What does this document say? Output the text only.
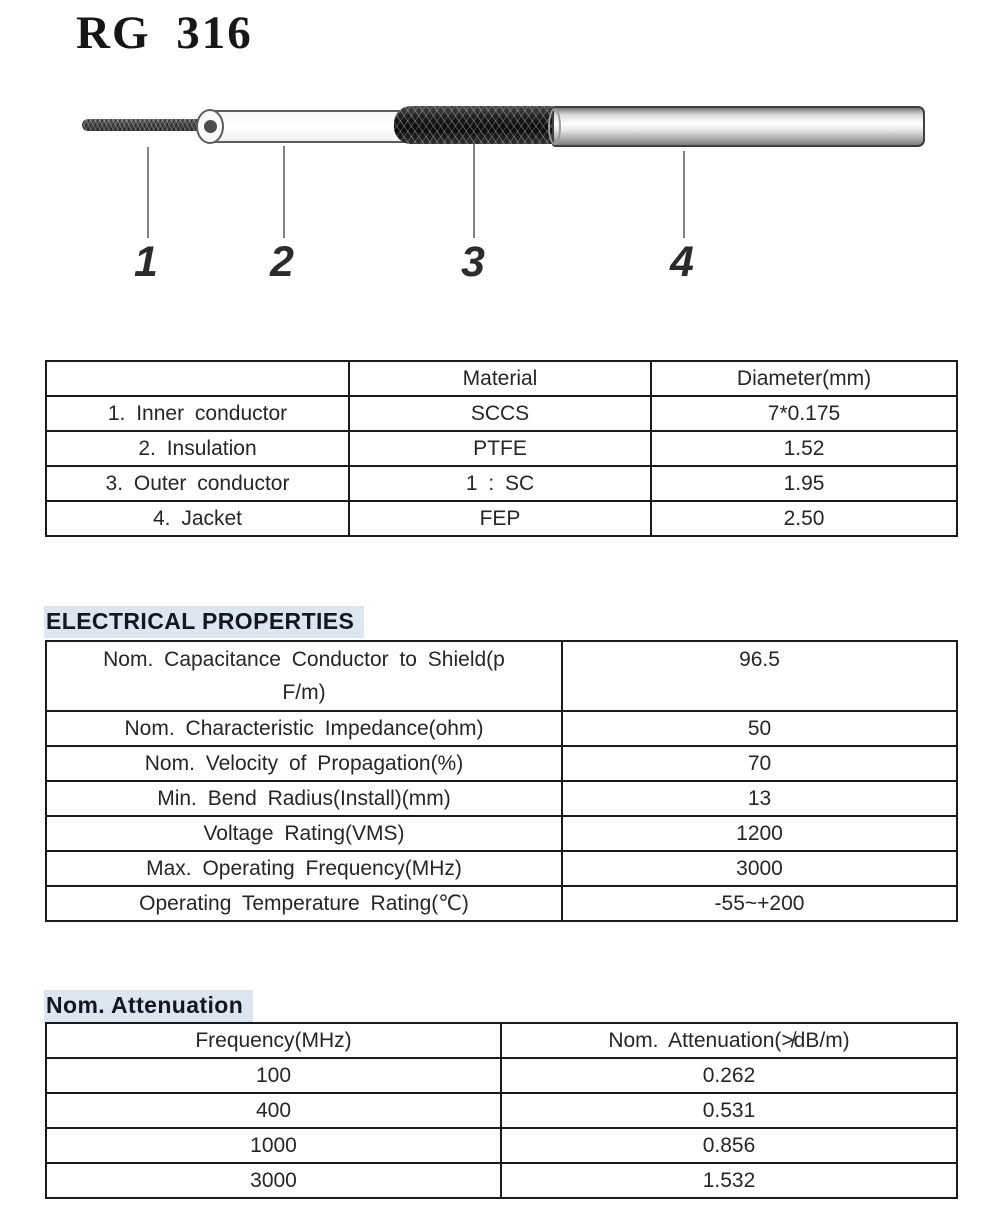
RG 316
1	2	3	4
	Material	Diameter(mm)
1. Inner conductor	SCCS	7*0.175
2. Insulation	PTFE	1.52
3. Outer conductor	1 : SC	1.95
4. Jacket	FEP	2.50
ELECTRICAL PROPERTIES
Nom. Capacitance Conductor to Shield(p
F/m)	96.5
Nom. Characteristic Impedance(ohm)	50
Nom. Velocity of Propagation(%)	70
Min. Bend Radius(Install)(mm)	13
Voltage Rating(VMS)	1200
Max. Operating Frequency(MHz)	3000
Operating Temperature Rating(℃)	-55~+200
Nom. Attenuation
Frequency(MHz)	Nom. Attenuation(≯dB/m)
100	0.262
400	0.531
1000	0.856
3000	1.532
